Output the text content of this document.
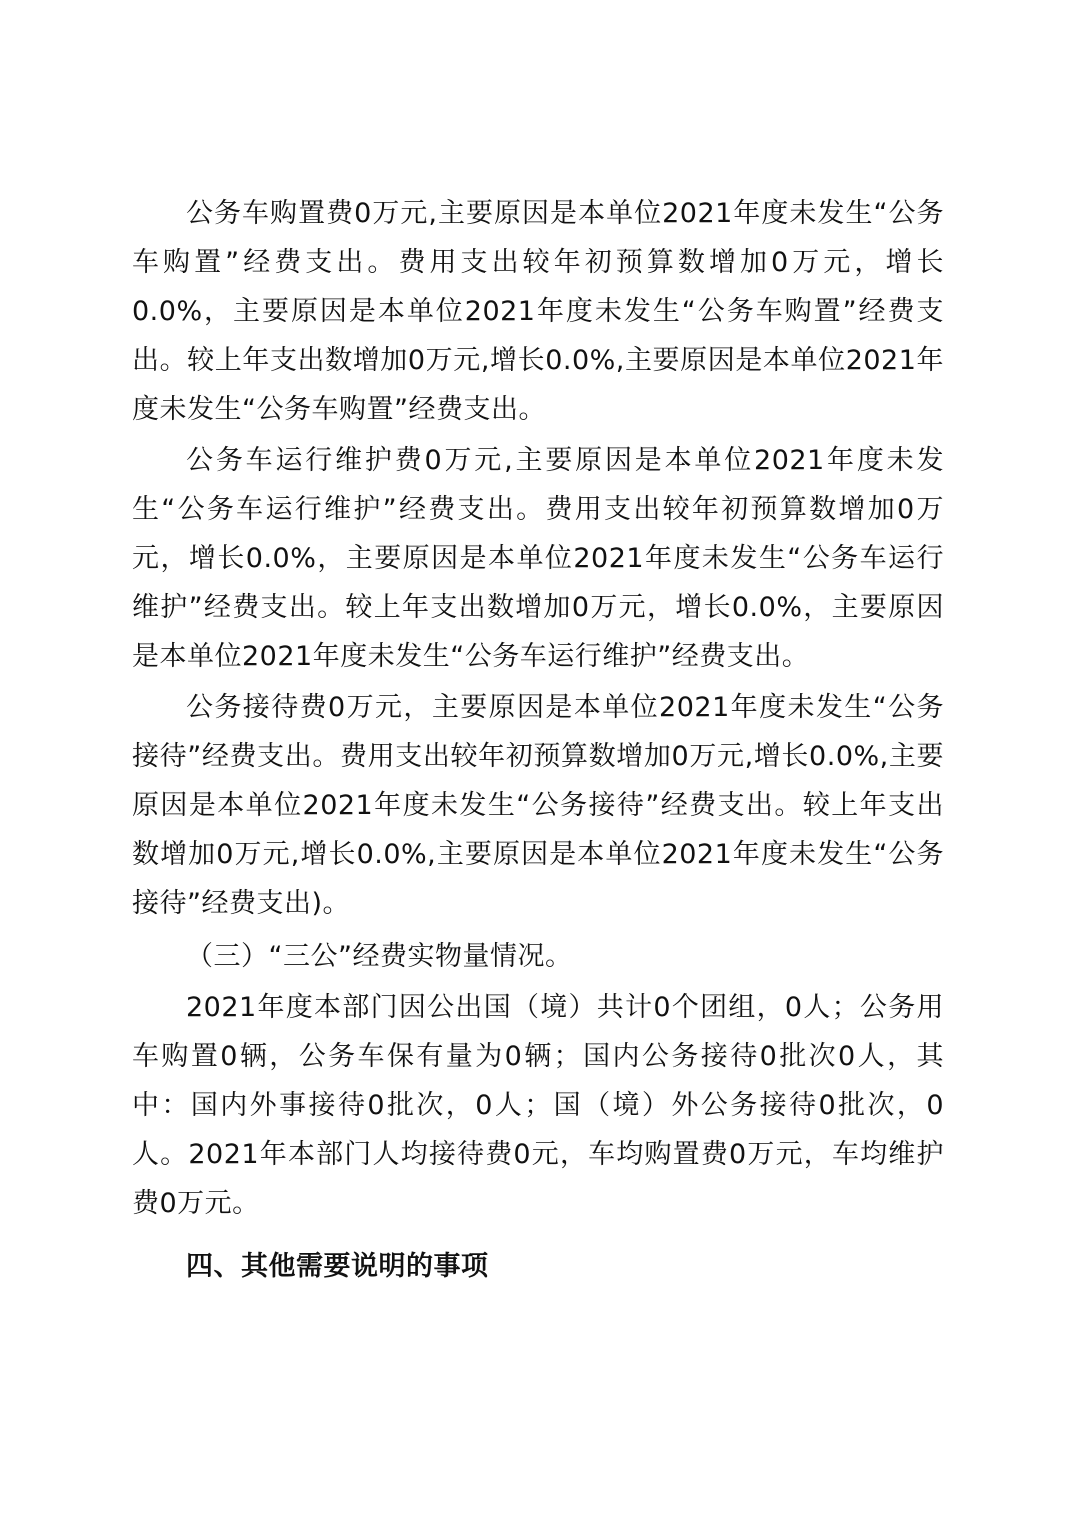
公务车购置费0万元,主要原因是本单位2021年度未发生“公务车购置”经费支出。费用支出较年初预算数增加0万元，增长0.0%，主要原因是本单位2021年度未发生“公务车购置”经费支出。较上年支出数增加0万元,增长0.0%,主要原因是本单位2021年度未发生“公务车购置”经费支出。

公务车运行维护费0万元,主要原因是本单位2021年度未发生“公务车运行维护”经费支出。费用支出较年初预算数增加0万元，增长0.0%，主要原因是本单位2021年度未发生“公务车运行维护”经费支出。较上年支出数增加0万元，增长0.0%，主要原因是本单位2021年度未发生“公务车运行维护”经费支出。

公务接待费0万元，主要原因是本单位2021年度未发生“公务接待”经费支出。费用支出较年初预算数增加0万元,增长0.0%,主要原因是本单位2021年度未发生“公务接待”经费支出。较上年支出数增加0万元,增长0.0%,主要原因是本单位2021年度未发生“公务接待”经费支出)。

（三）“三公”经费实物量情况。

2021年度本部门因公出国（境）共计0个团组，0人；公务用车购置0辆，公务车保有量为0辆；国内公务接待0批次0人，其中：国内外事接待0批次，0人；国（境）外公务接待0批次，0人。2021年本部门人均接待费0元，车均购置费0万元，车均维护费0万元。

四、其他需要说明的事项
